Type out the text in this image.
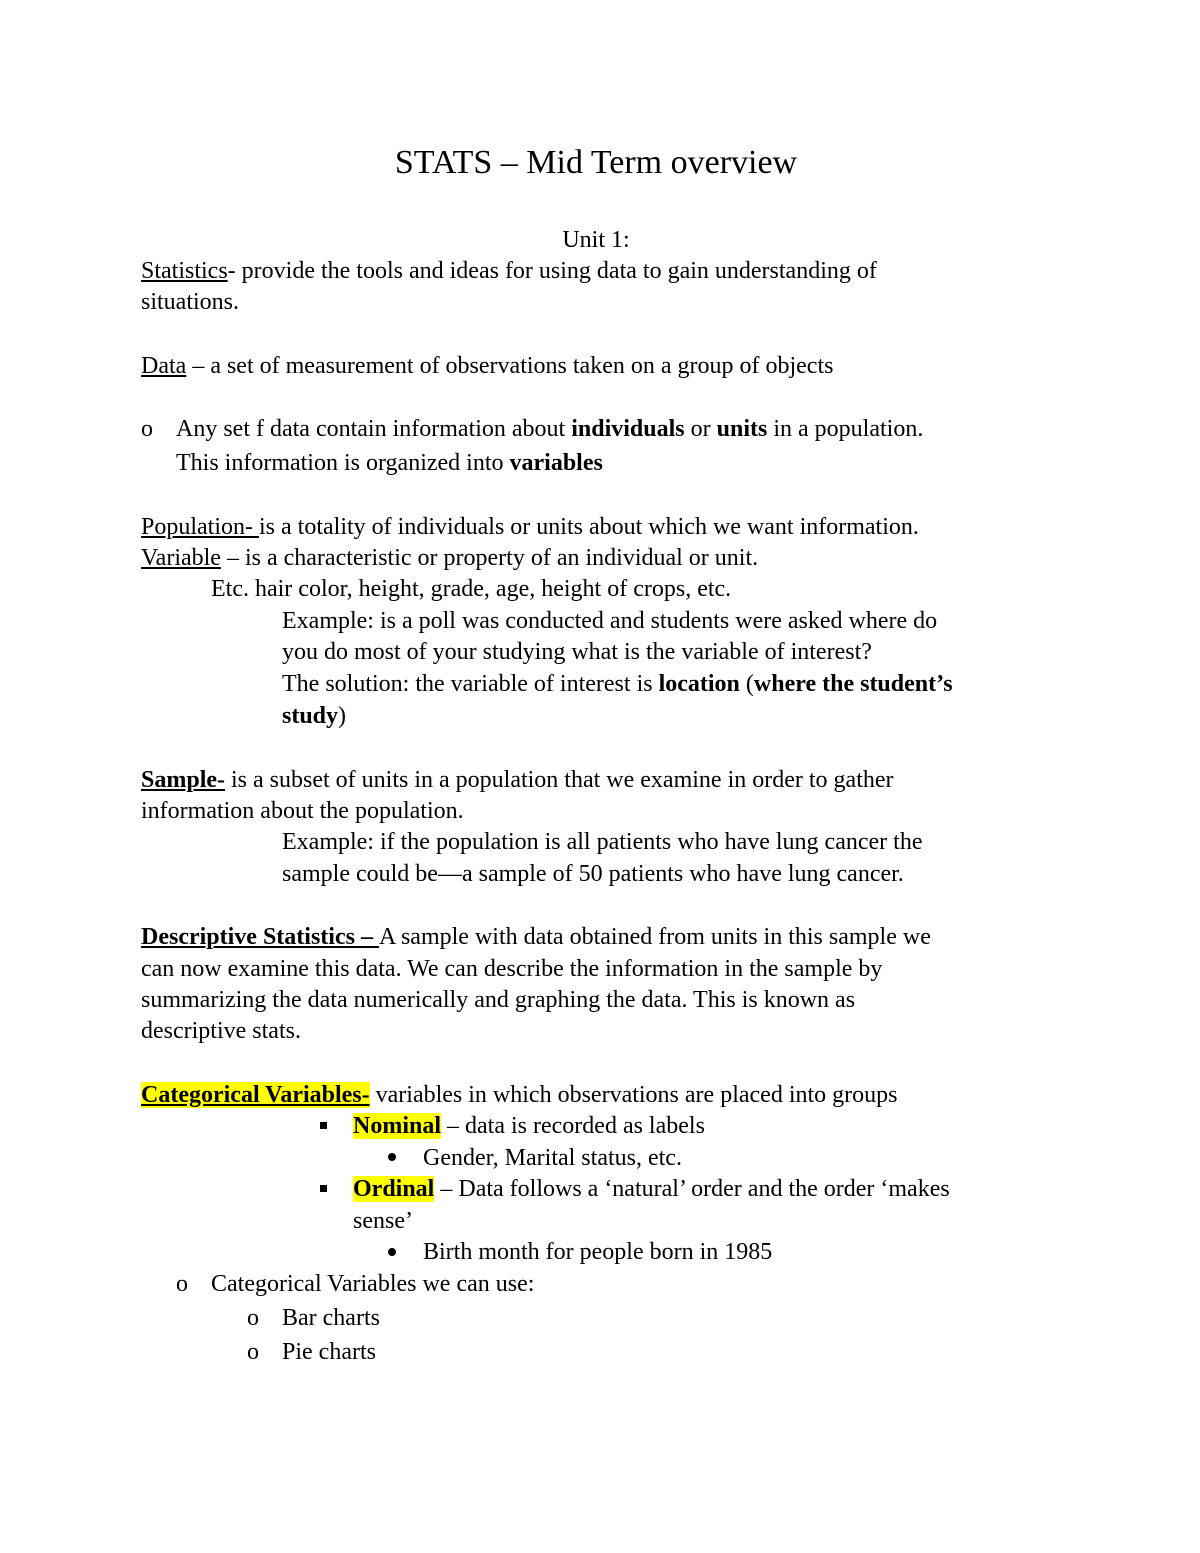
STATS – Mid Term overview
Unit 1:
Statistics- provide the tools and ideas for using data to gain understanding of
situations.
Data – a set of measurement of observations taken on a group of objects
o Any set f data contain information about individuals or units in a population.
This information is organized into variables
Population- is a totality of individuals or units about which we want information.
Variable – is a characteristic or property of an individual or unit.
Etc. hair color, height, grade, age, height of crops, etc.
Example: is a poll was conducted and students were asked where do
you do most of your studying what is the variable of interest?
The solution: the variable of interest is location (where the student’s
study)
Sample- is a subset of units in a population that we examine in order to gather
information about the population.
Example: if the population is all patients who have lung cancer the
sample could be—a sample of 50 patients who have lung cancer.
Descriptive Statistics – A sample with data obtained from units in this sample we
can now examine this data. We can describe the information in the sample by
summarizing the data numerically and graphing the data. This is known as
descriptive stats.
Categorical Variables- variables in which observations are placed into groups
Nominal – data is recorded as labels
Gender, Marital status, etc.
Ordinal – Data follows a ‘natural’ order and the order ‘makes
sense’
Birth month for people born in 1985
o Categorical Variables we can use:
o Bar charts
o Pie charts
